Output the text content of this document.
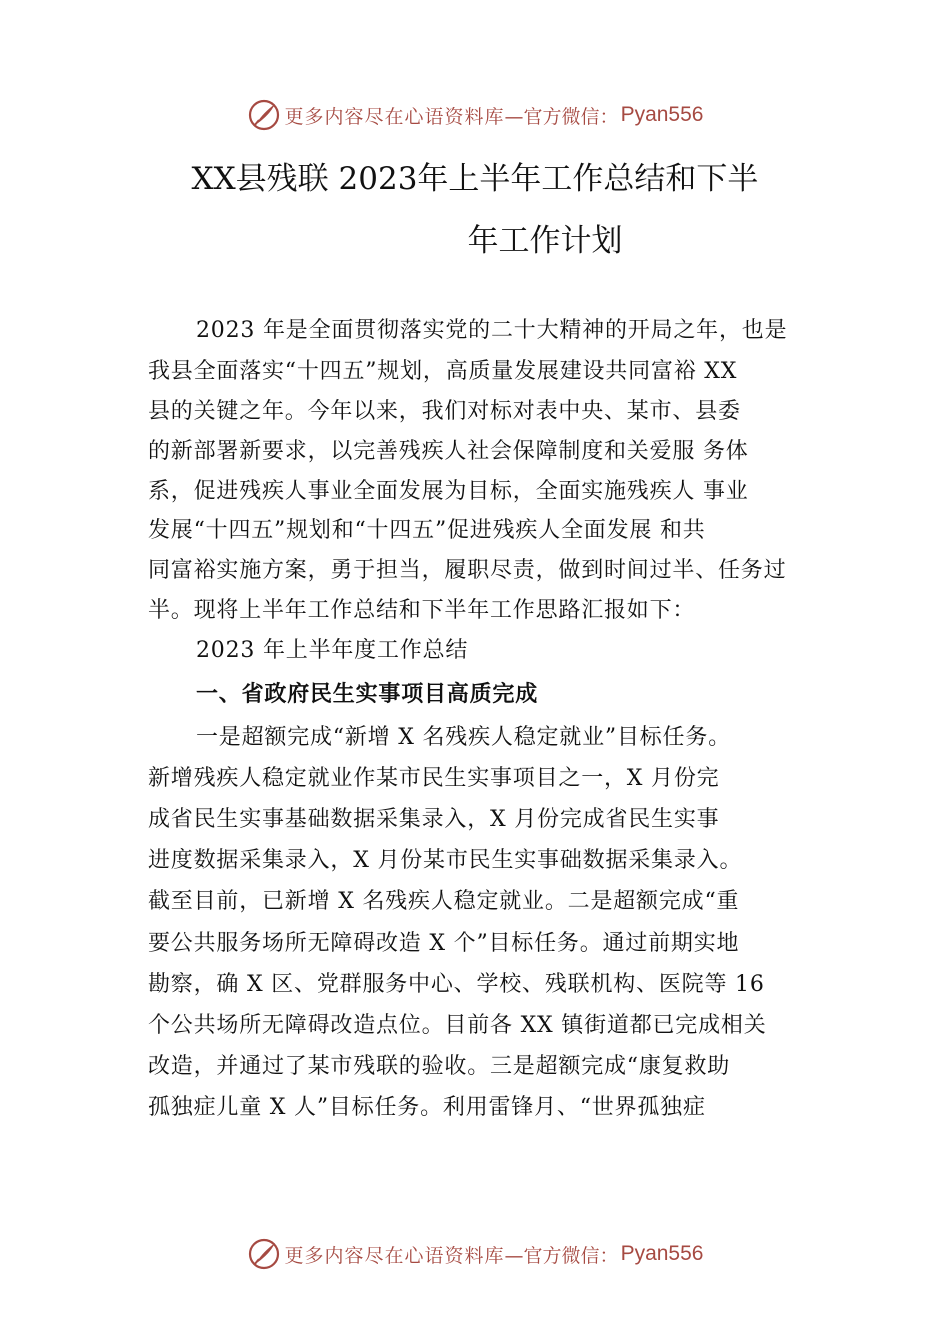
更多内容尽在心语资料库 —官方微信： Pyan556
XX县残联 2023年上半年工作总结和下半
年工作计划
2023 年是全面贯彻落实党的二十大精神的开局之年，也是
我县全面落实“十四五”规划，高质量发展建设共同富裕 XX
县的关键之年。今年以来，我们对标对表中央、某市、县委
的新部署新要求，以完善残疾人社会保障制度和关爱服 务体
系，促进残疾人事业全面发展为目标，全面实施残疾人 事业
发展“十四五”规划和“十四五”促进残疾人全面发展 和共
同富裕实施方案，勇于担当，履职尽责，做到时间过半、任务过
半。现将上半年工作总结和下半年工作思路汇报如下：
2023 年上半年度工作总结
一、省政府民生实事项目高质完成
一是超额完成“新增 X 名残疾人稳定就业”目标任务。
新增残疾人稳定就业作某市民生实事项目之一，X 月份完
成省民生实事基础数据采集录入，X 月份完成省民生实事
进度数据采集录入，X 月份某市民生实事础数据采集录入。
截至目前，已新增 X 名残疾人稳定就业。二是超额完成“重
要公共服务场所无障碍改造 X 个”目标任务。通过前期实地
勘察，确 X 区、党群服务中心、学校、残联机构、医院等 16
个公共场所无障碍改造点位。目前各 XX 镇街道都已完成相关
改造，并通过了某市残联的验收。三是超额完成“康复救助
孤独症儿童 X 人”目标任务。利用雷锋月、“世界孤独症
更多内容尽在心语资料库 —官方微信： Pyan556
